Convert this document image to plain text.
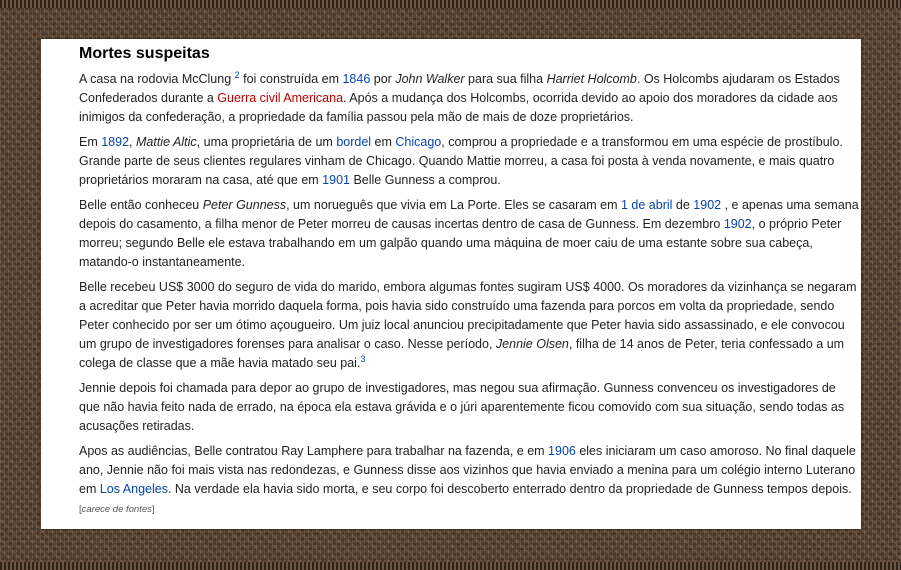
Mortes suspeitas

A casa na rodovia McClung $^2$ foi construída em 1846 por John Walker para sua filha Harriet Holcomb. Os Holcombs ajudaram os Estados Confederados durante a Guerra civil Americana. Após a mudança dos Holcombs, ocorrida devido ao apoio dos moradores da cidade aos inimigos da confederação, a propriedade da família passou pela mão de mais de doze proprietários.

Em 1892, Mattie Altic, uma proprietária de um bordel em Chicago, comprou a propriedade e a transformou em uma espécie de prostíbulo. Grande parte de seus clientes regulares vinham de Chicago. Quando Mattie morreu, a casa foi posta à venda novamente, e mais quatro proprietários moraram na casa, até que em 1901 Belle Gunness a comprou.

Belle então conheceu Peter Gunness, um norueguês que vivia em La Porte. Eles se casaram em 1 de abril de 1902 , e apenas uma semana depois do casamento, a filha menor de Peter morreu de causas incertas dentro de casa de Gunness. Em dezembro 1902, o próprio Peter morreu; segundo Belle ele estava trabalhando em um galpão quando uma máquina de moer caiu de uma estante sobre sua cabeça, matando-o instantaneamente.

Belle recebeu US$ 3000 do seguro de vida do marido, embora algumas fontes sugiram US$ 4000. Os moradores da vizinhança se negaram a acreditar que Peter havia morrido daquela forma, pois havia sido construído uma fazenda para porcos em volta da propriedade, sendo Peter conhecido por ser um ótimo açougueiro. Um juiz local anunciou precipitadamente que Peter havia sido assassinado, e ele convocou um grupo de investigadores forenses para analisar o caso. Nesse período, Jennie Olsen, filha de 14 anos de Peter, teria confessado a um colega de classe que a mãe havia matado seu pai.$^3$

Jennie depois foi chamada para depor ao grupo de investigadores, mas negou sua afirmação. Gunness convenceu os investigadores de que não havia feito nada de errado, na época ela estava grávida e o júri aparentemente ficou comovido com sua situação, sendo todas as acusações retiradas.

Apos as audiências, Belle contratou Ray Lamphere para trabalhar na fazenda, e em 1906 eles iniciaram um caso amoroso. No final daquele ano, Jennie não foi mais vista nas redondezas, e Gunness disse aos vizinhos que havia enviado a menina para um colégio interno Luterano em Los Angeles. Na verdade ela havia sido morta, e seu corpo foi descoberto enterrado dentro da propriedade de Gunness tempos depois. [carece de fontes]
